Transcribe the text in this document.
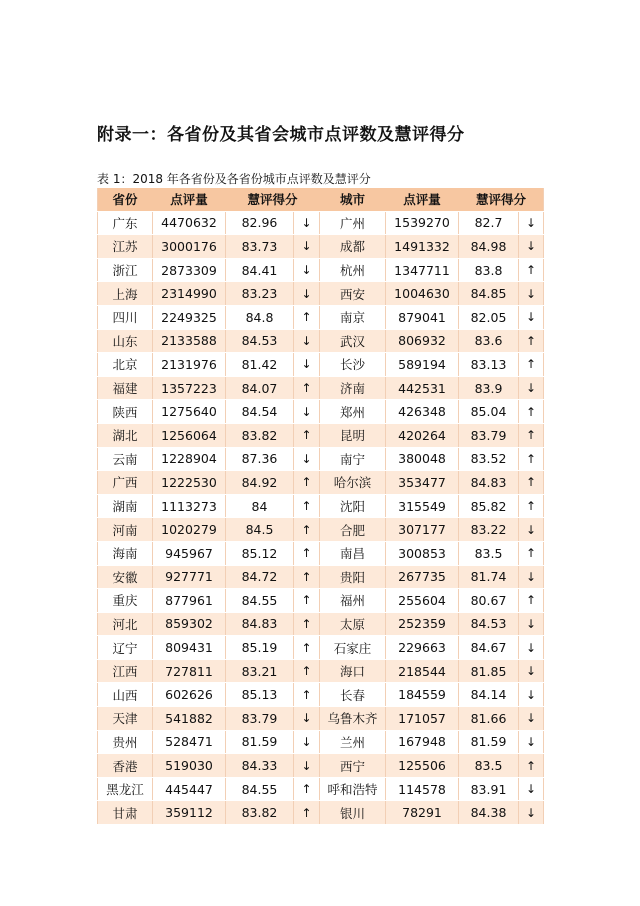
附录一：各省份及其省会城市点评数及慧评得分
表 1：2018 年各省份及各省份城市点评数及慧评分
省份	点评量	慧评得分		城市	点评量	慧评得分	
广东	4470632	82.96	↓	广州	1539270	82.7	↓
江苏	3000176	83.73	↓	成都	1491332	84.98	↓
浙江	2873309	84.41	↓	杭州	1347711	83.8	↑
上海	2314990	83.23	↓	西安	1004630	84.85	↓
四川	2249325	84.8	↑	南京	879041	82.05	↓
山东	2133588	84.53	↓	武汉	806932	83.6	↑
北京	2131976	81.42	↓	长沙	589194	83.13	↑
福建	1357223	84.07	↑	济南	442531	83.9	↓
陕西	1275640	84.54	↓	郑州	426348	85.04	↑
湖北	1256064	83.82	↑	昆明	420264	83.79	↑
云南	1228904	87.36	↓	南宁	380048	83.52	↑
广西	1222530	84.92	↑	哈尔滨	353477	84.83	↑
湖南	1113273	84	↑	沈阳	315549	85.82	↑
河南	1020279	84.5	↑	合肥	307177	83.22	↓
海南	945967	85.12	↑	南昌	300853	83.5	↑
安徽	927771	84.72	↑	贵阳	267735	81.74	↓
重庆	877961	84.55	↑	福州	255604	80.67	↑
河北	859302	84.83	↑	太原	252359	84.53	↓
辽宁	809431	85.19	↑	石家庄	229663	84.67	↓
江西	727811	83.21	↑	海口	218544	81.85	↓
山西	602626	85.13	↑	长春	184559	84.14	↓
天津	541882	83.79	↓	乌鲁木齐	171057	81.66	↓
贵州	528471	81.59	↓	兰州	167948	81.59	↓
香港	519030	84.33	↓	西宁	125506	83.5	↑
黑龙江	445447	84.55	↑	呼和浩特	114578	83.91	↓
甘肃	359112	83.82	↑	银川	78291	84.38	↓
